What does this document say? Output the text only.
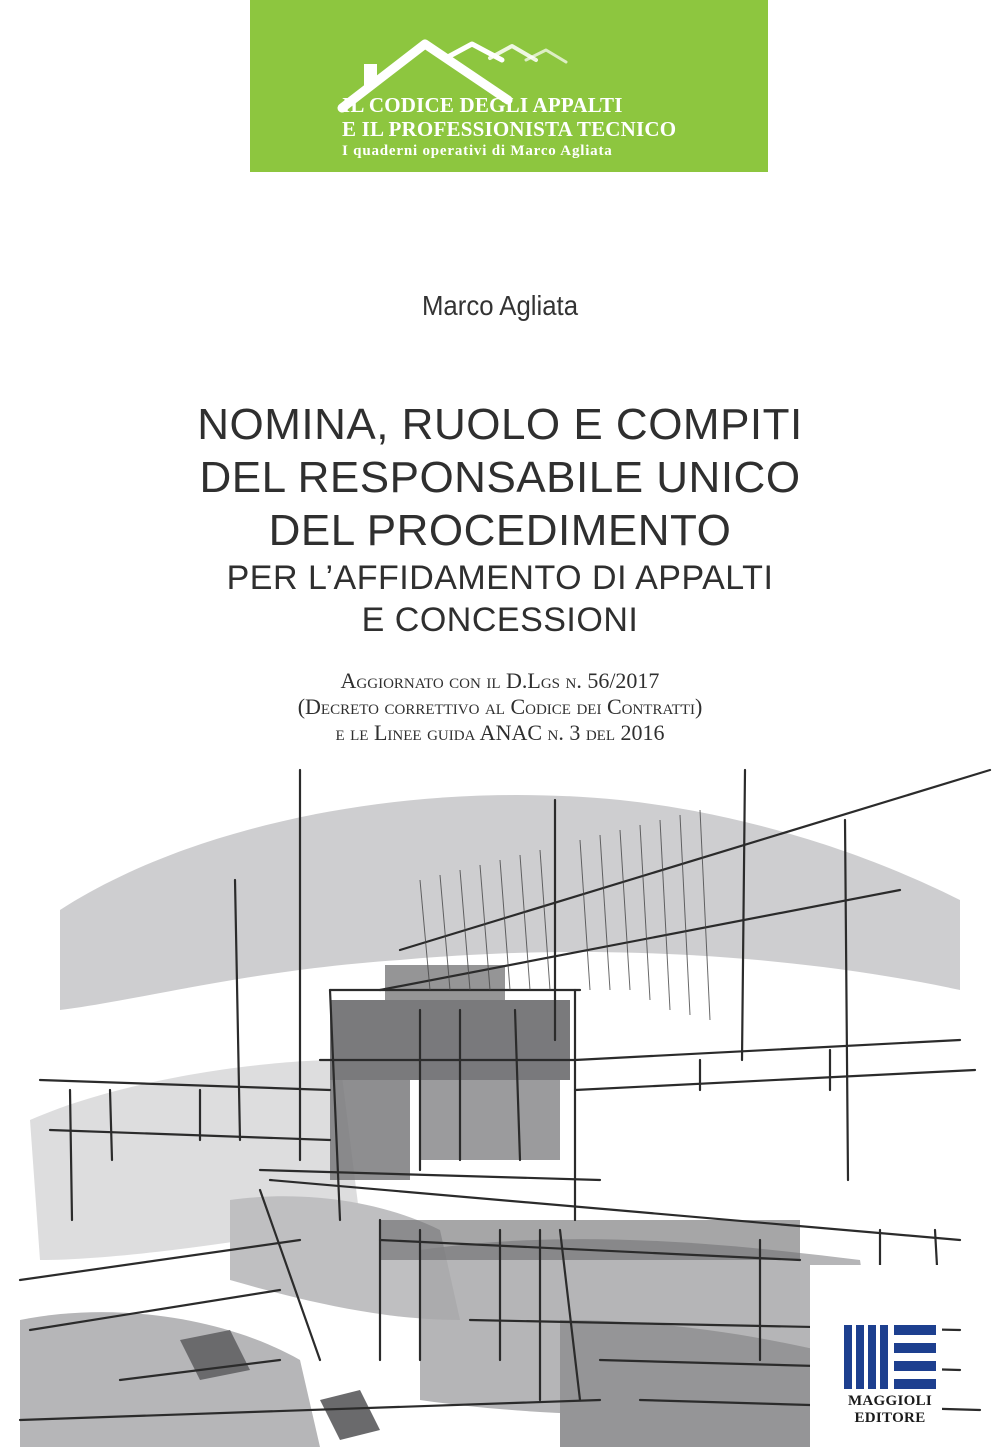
IL CODICE DEGLI APPALTI
E IL PROFESSIONISTA TECNICO
I quaderni operativi di Marco Agliata
Marco Agliata
NOMINA, RUOLO E COMPITI
DEL RESPONSABILE UNICO
DEL PROCEDIMENTO
PER L’AFFIDAMENTO DI APPALTI
E CONCESSIONI
Aggiornato con il D.Lgs n. 56/2017
(Decreto correttivo al Codice dei Contratti)
e le Linee guida ANAC n. 3 del 2016
MAGGIOLI
EDITORE
